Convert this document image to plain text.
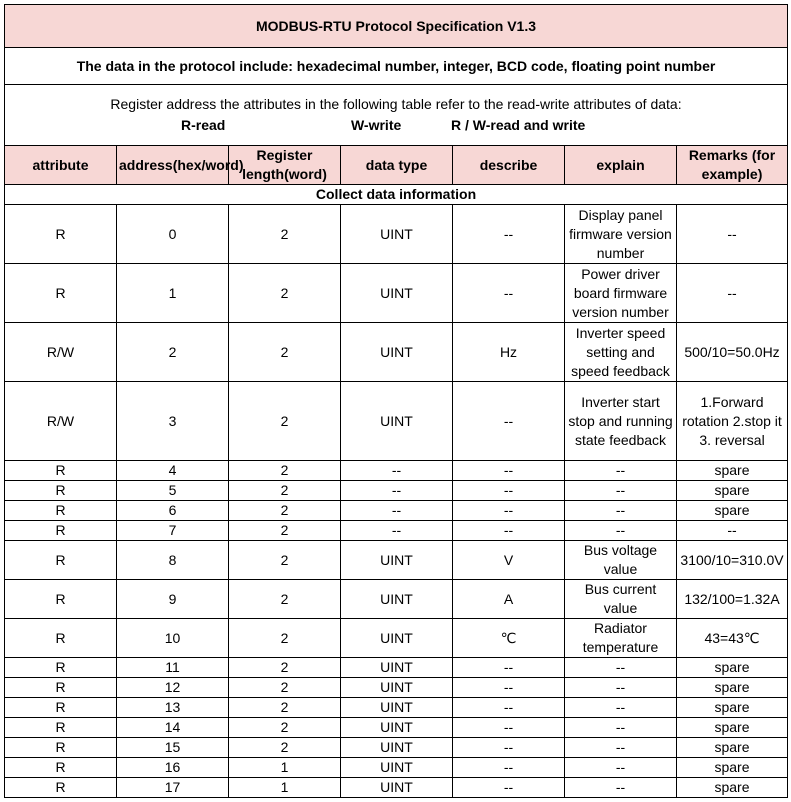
MODBUS-RTU Protocol Specification V1.3						
The data in the protocol include: hexadecimal number, integer, BCD code, floating point number						

Register address the attributes in the following table refer to the read-write attributes of data:
R-read W-write R / W-read and write						

attribute	address(hex/word)	Register length(word)	data type	describe	explain	Remarks (for example)
Collect data information						
R	0	2	UINT	--	Display panel firmware version number	--
R	1	2	UINT	--	Power driver board firmware version number	--
R/W	2	2	UINT	Hz	Inverter speed setting and speed feedback	500/10=50.0Hz
R/W	3	2	UINT	--	Inverter start stop and running state feedback	1.Forward rotation 2.stop it 3. reversal
R	4	2	--	--	--	spare
R	5	2	--	--	--	spare
R	6	2	--	--	--	spare
R	7	2	--	--	--	--
R	8	2	UINT	V	Bus voltage value	3100/10=310.0V
R	9	2	UINT	A	Bus current value	132/100=1.32A
R	10	2	UINT	℃	Radiator temperature	43=43℃
R	11	2	UINT	--	--	spare
R	12	2	UINT	--	--	spare
R	13	2	UINT	--	--	spare
R	14	2	UINT	--	--	spare
R	15	2	UINT	--	--	spare
R	16	1	UINT	--	--	spare
R	17	1	UINT	--	--	spare
